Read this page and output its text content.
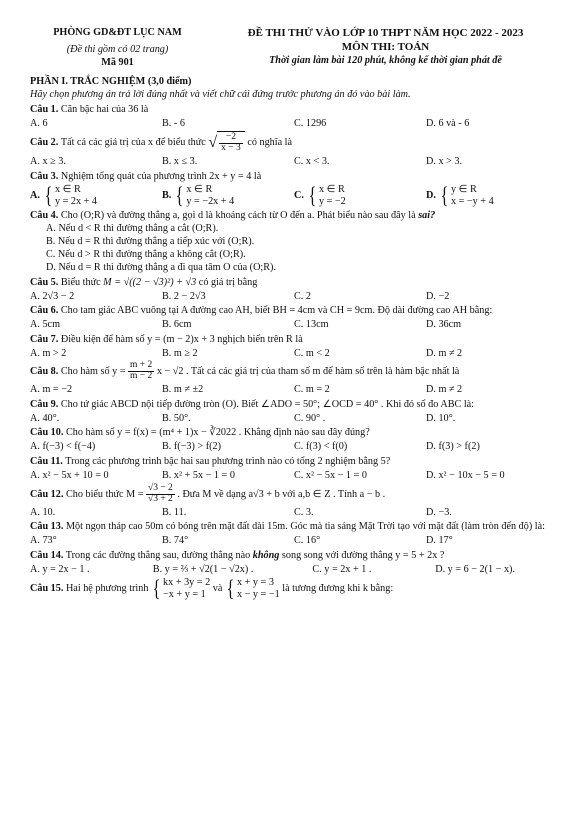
PHÒNG GD&ĐT LỤC NAM
(Đề thi gồm có 02 trang)
Mã 901
ĐỀ THI THỬ VÀO LỚP 10 THPT NĂM HỌC 2022 - 2023
MÔN THI: TOÁN
Thời gian làm bài 120 phút, không kể thời gian phát đề
PHẦN I. TRẮC NGHIỆM (3,0 điểm)
Hãy chọn phương án trả lời đúng nhất và viết chữ cái đứng trước phương án đó vào bài làm.
Câu 1. Căn bậc hai của 36 là
A. 6	B. - 6	C. 1296	D. 6 và - 6
Câu 2.
Tất cả các giá trị của x để biểu thức
√ $\frac{-2}{x - 3}$
có nghĩa là
A. x ≥ 3.	B. x ≤ 3.	C. x < 3.	D. x > 3.
Câu 3. Nghiệm tổng quát của phương trình 2x + y = 4 là
A. { x ∈ R
y = 2x + 4
B. { x ∈ R
y = −2x + 4
C. { x ∈ R
y = −2
D. { y ∈ R
x = −y + 4
Câu 4. Cho (O;R) và đường thẳng a, gọi d là khoảng cách từ O đến a. Phát biểu nào sau đây là sai?
A. Nếu d < R thì đường thẳng a cắt (O;R).
B. Nếu d = R thì đường thẳng a tiếp xúc với (O;R).
C. Nếu d > R thì đường thẳng a không cắt (O;R).
D. Nếu d = R thì đường thẳng a đi qua tâm O của (O;R).
Câu 5. Biểu thức M = √((2 − √3)²) + √3 có giá trị bằng
A. 2√3 − 2	B. 2 − 2√3	C. 2	D. −2
Câu 6. Cho tam giác ABC vuông tại A đường cao AH, biết BH = 4cm và CH = 9cm. Độ dài đường cao AH bằng:
A. 5cm	B. 6cm	C. 13cm	D. 36cm
Câu 7. Điều kiện để hàm số y = (m − 2)x + 3 nghịch biến trên R là
A. m > 2	B. m ≥ 2	C. m < 2	D. m ≠ 2
Câu 8.
Cho hàm số y =
$\frac{m + 2}{m - 2}$
x − √2 . Tất cả các giá trị của tham số m để hàm số trên là hàm bậc nhất là
A. m = −2	B. m ≠ ±2	C. m = 2	D. m ≠ 2
Câu 9. Cho tứ giác ABCD nội tiếp đường tròn (O). Biết ∠ADO = 50°; ∠OCD = 40° . Khi đó số đo ABC là:
A. 40°.	B. 50°.	C. 90° .	D. 10°.
Câu 10. Cho hàm số y = f(x) = (m⁴ + 1)x − ∛2022 . Khẳng định nào sau đây đúng?
A. f(−3) < f(−4)	B. f(−3) > f(2)	C. f(3) < f(0)	D. f(3) > f(2)
Câu 11. Trong các phương trình bậc hai sau phương trình nào có tổng 2 nghiệm bằng 5?
A. x² − 5x + 10 = 0	B. x² + 5x − 1 = 0	C. x² − 5x − 1 = 0	D. x² − 10x − 5 = 0
Câu 12.
Cho biểu thức M =
$\frac{√3 - 2}{√3 + 2}$
. Đưa M về dạng a√3 + b với a,b ∈ Z . Tính a − b .
A. 10.	B. 11.	C. 3.	D. −3.
Câu 13. Một ngọn tháp cao 50m có bóng trên mặt đất dài 15m. Góc mà tia sáng Mặt Trời tạo với mặt đất (làm tròn đến độ) là:
A. 73°	B. 74°	C. 16°	D. 17°
Câu 14. Trong các đường thẳng sau, đường thẳng nào không song song với đường thẳng y = 5 + 2x ?
A. y = 2x − 1 .	B. y = ⅔ + √2(1 − √2x) .	C. y = 2x + 1 .	D. y = 6 − 2(1 − x).
Câu 15.
Hai hệ phương trình
{ kx + 3y = 2
−x + y = 1

và
{ x + y = 3
x − y = −1

là tương đương khi k bằng:
